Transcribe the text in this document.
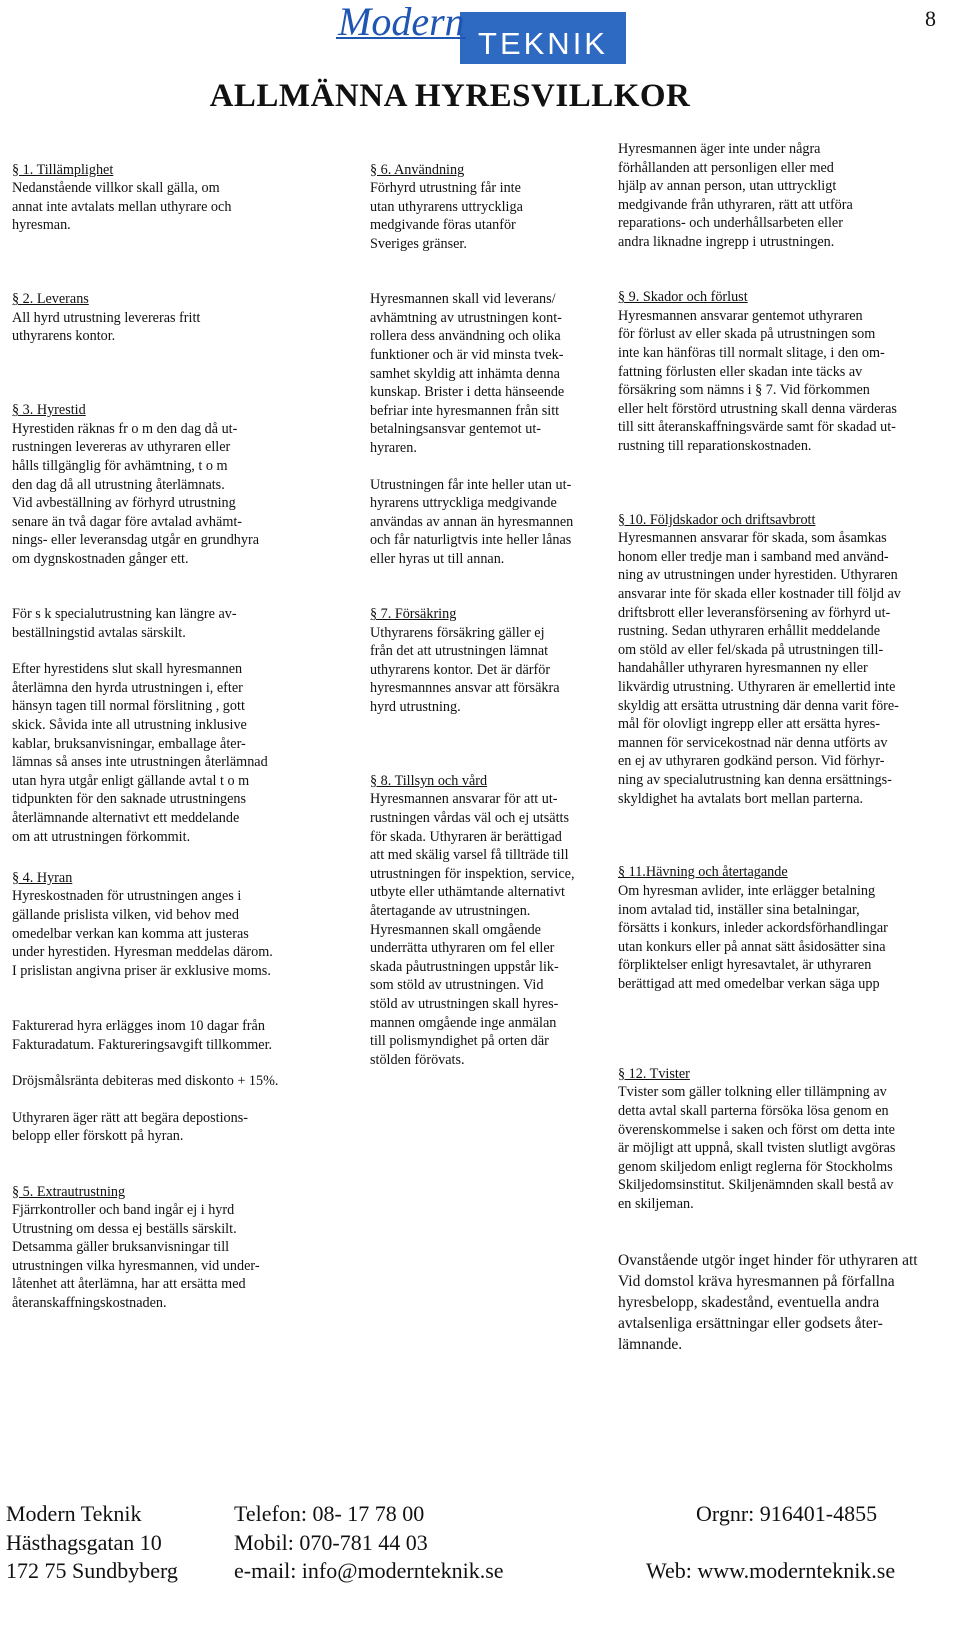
8
Modern TEKNIK
ALLMÄNNA HYRESVILLKOR

§ 1. Tillämplighet
Nedanstående villkor skall gälla, om
annat inte avtalats mellan uthyrare och
hyresman.

§ 2. Leverans
All hyrd utrustning levereras fritt
uthyrarens kontor.

§ 3. Hyrestid
Hyrestiden räknas fr o m den dag då ut-
rustningen levereras av uthyraren eller
hålls tillgänglig för avhämtning, t o m
den dag då all utrustning återlämnats.
Vid avbeställning av förhyrd utrustning
senare än två dagar före avtalad avhämt-
nings- eller leveransdag utgår en grundhyra
om dygnskostnaden gånger ett.

För s k specialutrustning kan längre av-
beställningstid avtalas särskilt.

Efter hyrestidens slut skall hyresmannen
återlämna den hyrda utrustningen i, efter
hänsyn tagen till normal förslitning , gott
skick. Såvida inte all utrustning inklusive
kablar, bruksanvisningar, emballage åter-
lämnas så anses inte utrustningen återlämnad
utan hyra utgår enligt gällande avtal t o m
tidpunkten för den saknade utrustningens
återlämnande alternativt ett meddelande
om att utrustningen förkommit.

§ 4. Hyran
Hyreskostnaden för utrustningen anges i
gällande prislista vilken, vid behov med
omedelbar verkan kan komma att justeras
under hyrestiden. Hyresman meddelas därom.
I prislistan angivna priser är exklusive moms.

Fakturerad hyra erlägges inom 10 dagar från
Fakturadatum. Faktureringsavgift tillkommer.

Dröjsmålsränta debiteras med diskonto + 15%.

Uthyraren äger rätt att begära depostions-
belopp eller förskott på hyran.

§ 5. Extrautrustning
Fjärrkontroller och band ingår ej i hyrd
Utrustning om dessa ej beställs särskilt.
Detsamma gäller bruksanvisningar till
utrustningen vilka hyresmannen, vid under-
låtenhet att återlämna, har att ersätta med
återanskaffningskostnaden.

§ 6. Användning
Förhyrd utrustning får inte
utan uthyrarens uttryckliga
medgivande föras utanför
Sveriges gränser.

Hyresmannen skall vid leverans/
avhämtning av utrustningen kont-
rollera dess användning och olika
funktioner och är vid minsta tvek-
samhet skyldig att inhämta denna
kunskap. Brister i detta hänseende
befriar inte hyresmannen från sitt
betalningsansvar gentemot ut-
hyraren.

Utrustningen får inte heller utan ut-
hyrarens uttryckliga medgivande
användas av annan än hyresmannen
och får naturligtvis inte heller lånas
eller hyras ut till annan.

§ 7. Försäkring
Uthyrarens försäkring gäller ej
från det att utrustningen lämnat
uthyrarens kontor. Det är därför
hyresmannnes ansvar att försäkra
hyrd utrustning.

§ 8. Tillsyn och vård
Hyresmannen ansvarar för att ut-
rustningen vårdas väl och ej utsätts
för skada. Uthyraren är berättigad
att med skälig varsel få tillträde till
utrustningen för inspektion, service,
utbyte eller uthämtande alternativt
återtagande av utrustningen.
Hyresmannen skall omgående
underrätta uthyraren om fel eller
skada påutrustningen uppstår lik-
som stöld av utrustningen. Vid
stöld av utrustningen skall hyres-
mannen omgående inge anmälan
till polismyndighet på orten där
stölden förövats.

Hyresmannen äger inte under några
förhållanden att personligen eller med
hjälp av annan person, utan uttryckligt
medgivande från uthyraren, rätt att utföra
reparations- och underhållsarbeten eller
andra liknadne ingrepp i utrustningen.

§ 9. Skador och förlust
Hyresmannen ansvarar gentemot uthyraren
för förlust av eller skada på utrustningen som
inte kan hänföras till normalt slitage, i den om-
fattning förlusten eller skadan inte täcks av
försäkring som nämns i § 7. Vid förkommen
eller helt förstörd utrustning skall denna värderas
till sitt återanskaffningsvärde samt för skadad ut-
rustning till reparationskostnaden.

§ 10. Följdskador och driftsavbrott
Hyresmannen ansvarar för skada, som åsamkas
honom eller tredje man i samband med använd-
ning av utrustningen under hyrestiden. Uthyraren
ansvarar inte för skada eller kostnader till följd av
driftsbrott eller leveransförsening av förhyrd ut-
rustning. Sedan uthyraren erhållit meddelande
om stöld av eller fel/skada på utrustningen till-
handahåller uthyraren hyresmannen ny eller
likvärdig utrustning. Uthyraren är emellertid inte
skyldig att ersätta utrustning där denna varit före-
mål för olovligt ingrepp eller att ersätta hyres-
mannen för servicekostnad när denna utförts av
en ej av uthyraren godkänd person. Vid förhyr-
ning av specialutrustning kan denna ersättnings-
skyldighet ha avtalats bort mellan parterna.

§ 11.Hävning och återtagande
Om hyresman avlider, inte erlägger betalning
inom avtalad tid, inställer sina betalningar,
försätts i konkurs, inleder ackordsförhandlingar
utan konkurs eller på annat sätt åsidosätter sina
förpliktelser enligt hyresavtalet, är uthyraren
berättigad att med omedelbar verkan säga upp

§ 12. Tvister
Tvister som gäller tolkning eller tillämpning av
detta avtal skall parterna försöka lösa genom en
överenskommelse i saken och först om detta inte
är möjligt att uppnå, skall tvisten slutligt avgöras
genom skiljedom enligt reglerna för Stockholms
Skiljedomsinstitut. Skiljenämnden skall bestå av
en skiljeman.

Ovanstående utgör inget hinder för uthyraren att
Vid domstol kräva hyresmannen på förfallna
hyresbelopp, skadestånd, eventuella andra
avtalsenliga ersättningar eller godsets åter-
lämnande.

Modern Teknik
Hästhagsgatan 10
172 75 Sundbyberg
Telefon: 08- 17 78 00
Mobil: 070-781 44 03
e-mail: info@modernteknik.se
Orgnr: 916401-4855
Web: www.modernteknik.se
